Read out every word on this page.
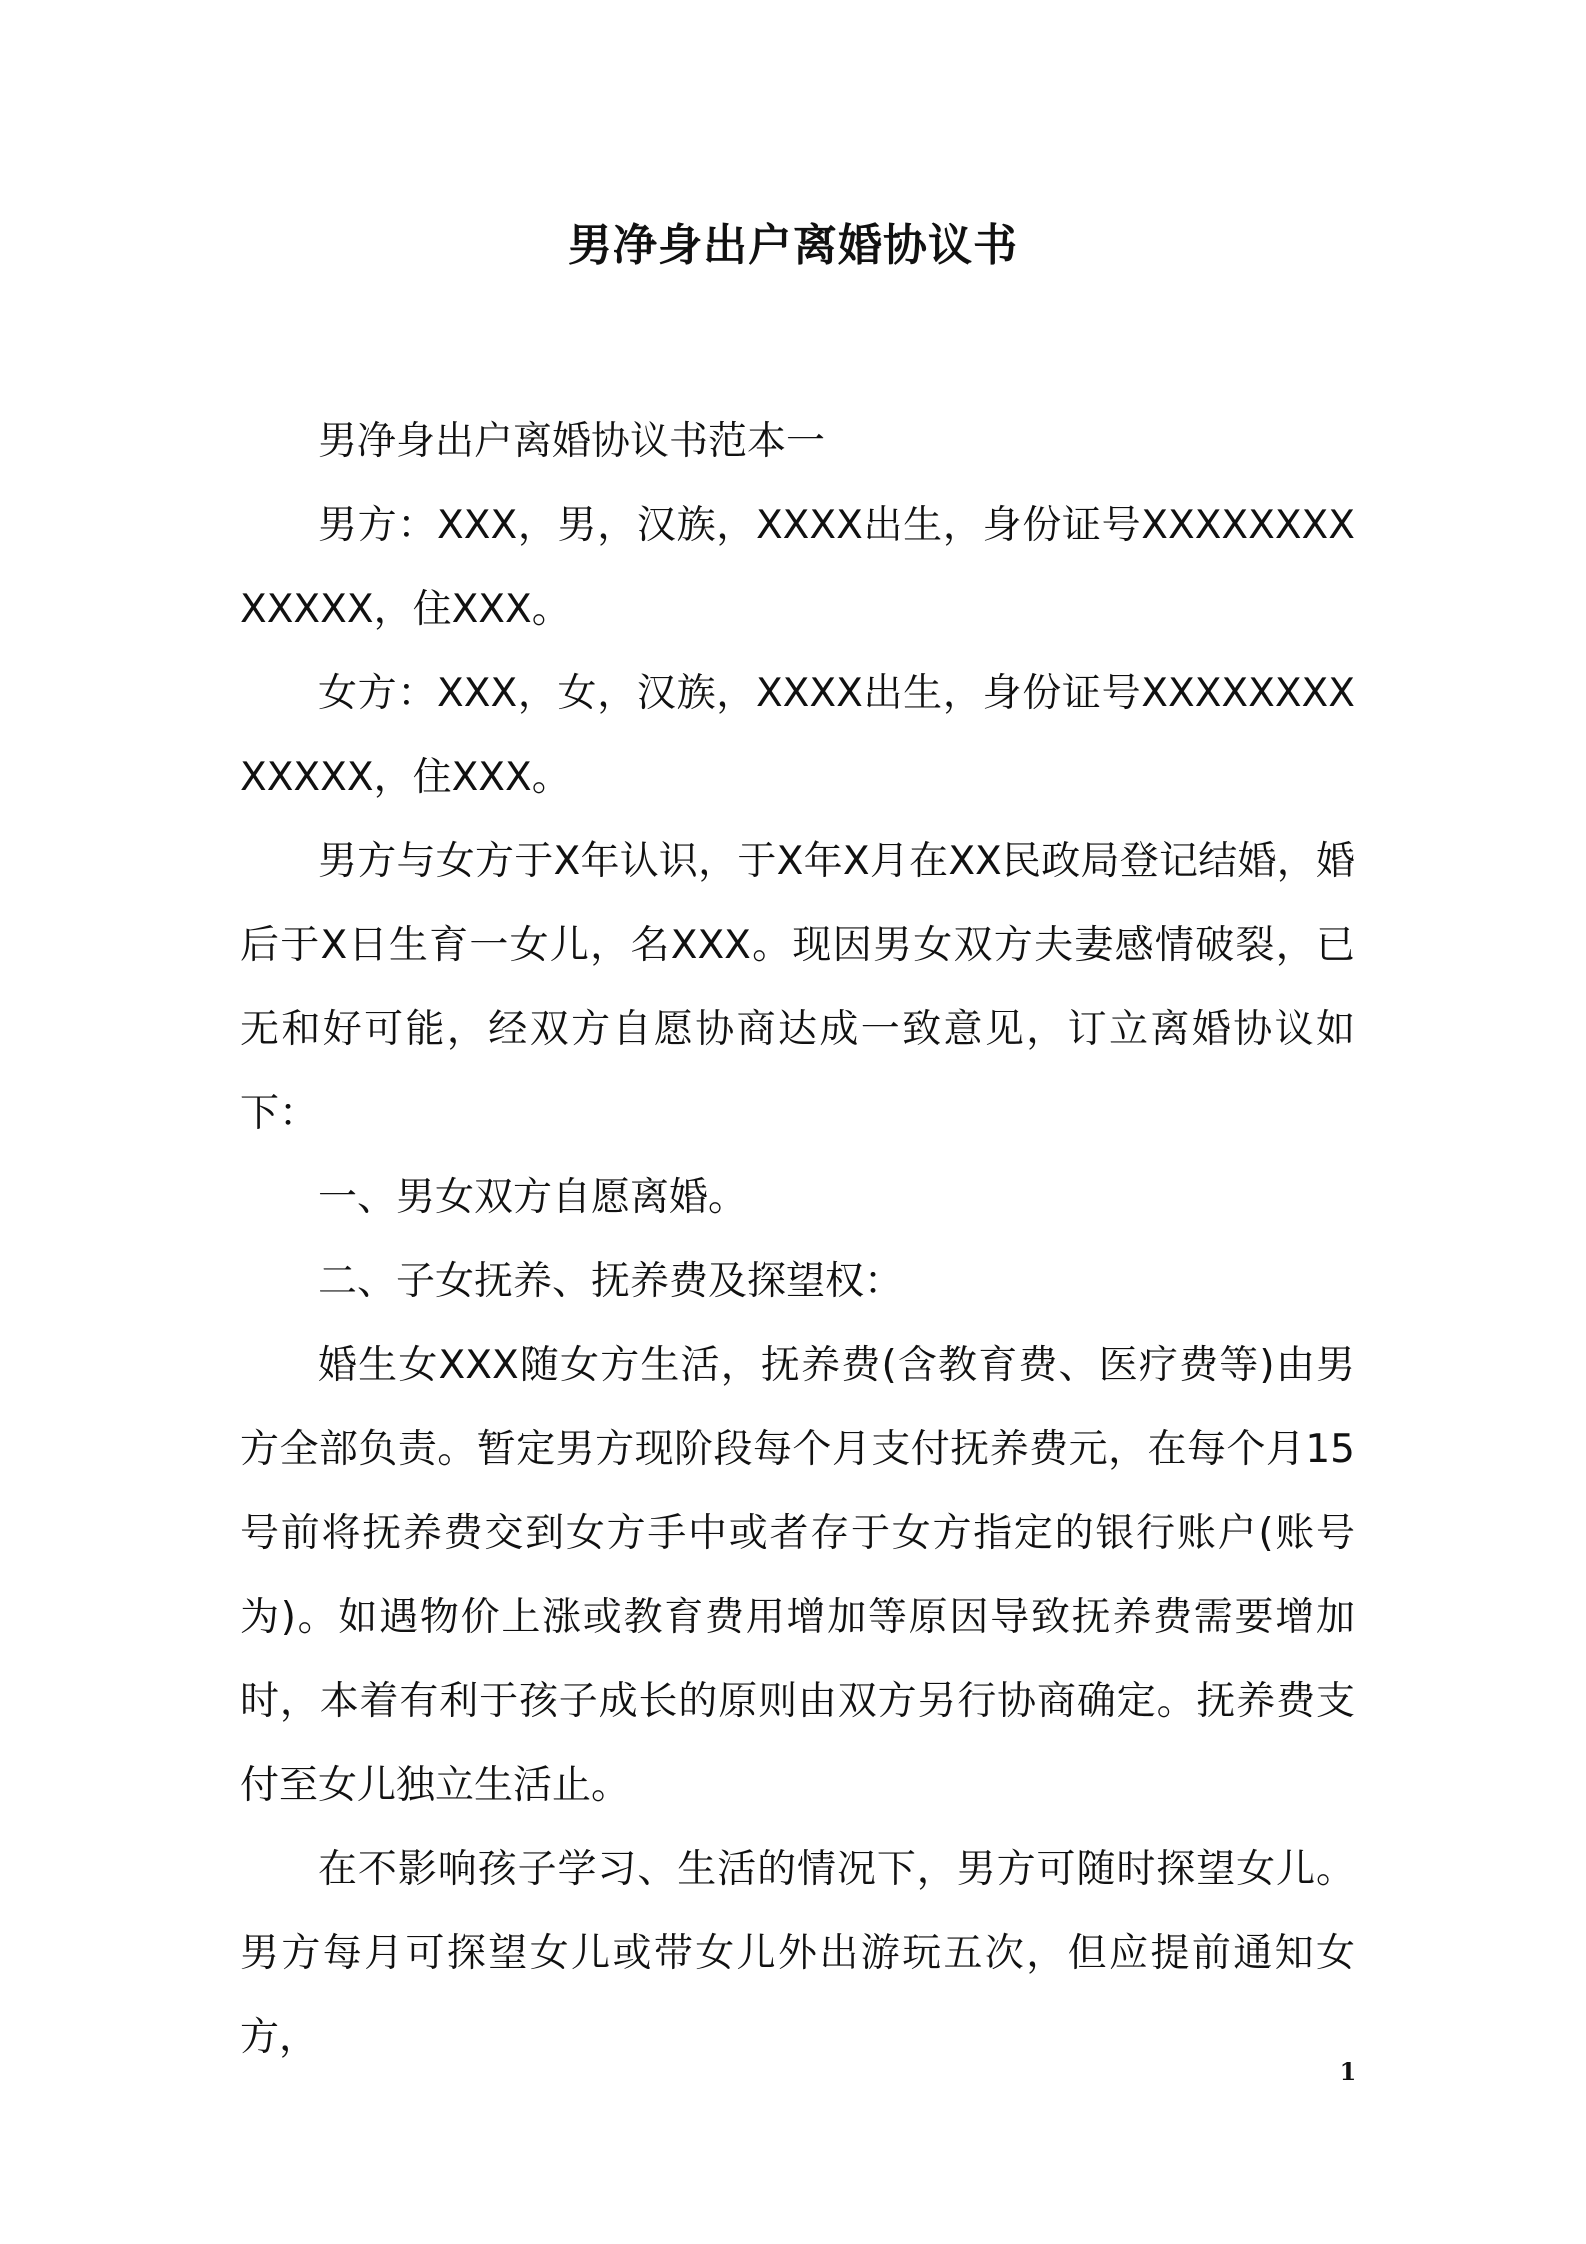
男净身出户离婚协议书

男净身出户离婚协议书范本一

男方：XXX，男，汉族，XXXX出生，身份证号XXXXXXXXXXXXX，住XXX。

女方：XXX，女，汉族，XXXX出生，身份证号XXXXXXXXXXXXX，住XXX。

男方与女方于X年认识，于X年X月在XX民政局登记结婚，婚后于X日生育一女儿，名XXX。现因男女双方夫妻感情破裂，已无和好可能，经双方自愿协商达成一致意见，订立离婚协议如下：

一、男女双方自愿离婚。

二、子女抚养、抚养费及探望权：

婚生女XXX随女方生活，抚养费(含教育费、医疗费等)由男方全部负责。暂定男方现阶段每个月支付抚养费元，在每个月15号前将抚养费交到女方手中或者存于女方指定的银行账户(账号为)。如遇物价上涨或教育费用增加等原因导致抚养费需要增加时，本着有利于孩子成长的原则由双方另行协商确定。抚养费支付至女儿独立生活止。

在不影响孩子学习、生活的情况下，男方可随时探望女儿。男方每月可探望女儿或带女儿外出游玩五次，但应提前通知女方，

1
